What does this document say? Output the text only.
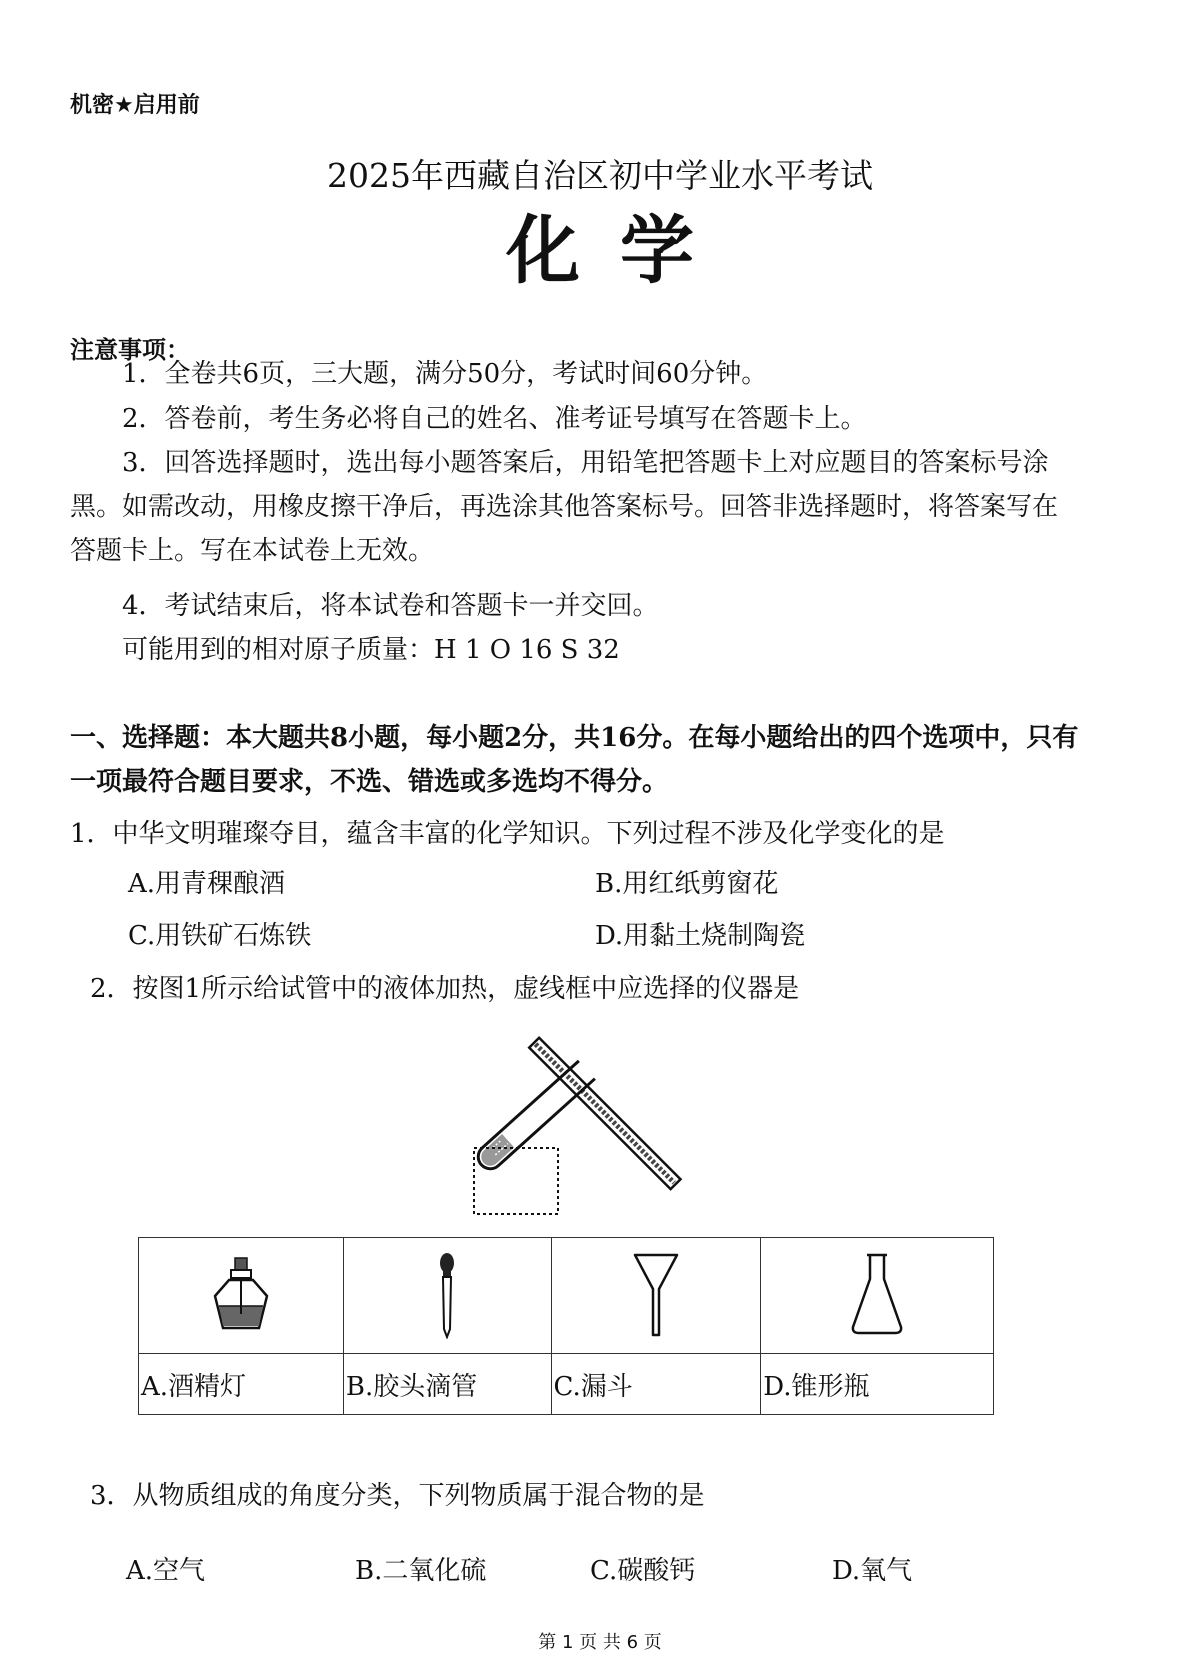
机密★启用前
2025年西藏自治区初中学业水平考试
化学
注意事项：
1．全卷共6页，三大题，满分50分，考试时间60分钟。
2．答卷前，考生务必将自己的姓名、准考证号填写在答题卡上。
3．回答选择题时，选出每小题答案后，用铅笔把答题卡上对应题目的答案标号涂黑。如需改动，用橡皮擦干净后，再选涂其他答案标号。回答非选择题时，将答案写在答题卡上。写在本试卷上无效。
4．考试结束后，将本试卷和答题卡一并交回。
可能用到的相对原子质量：H 1 O 16 S 32
一、选择题：本大题共8小题，每小题2分，共16分。在每小题给出的四个选项中，只有一项最符合题目要求，不选、错选或多选均不得分。
1．中华文明璀璨夺目，蕴含丰富的化学知识。下列过程不涉及化学变化的是
A.用青稞酿酒	B.用红纸剪窗花
C.用铁矿石炼铁	D.用黏土烧制陶瓷
2．按图1所示给试管中的液体加热，虚线框中应选择的仪器是

A.酒精灯	B.胶头滴管	C.漏斗	D.锥形瓶
3．从物质组成的角度分类，下列物质属于混合物的是
A.空气	B.二氧化硫	C.碳酸钙	D.氧气
第 1 页 共 6 页
